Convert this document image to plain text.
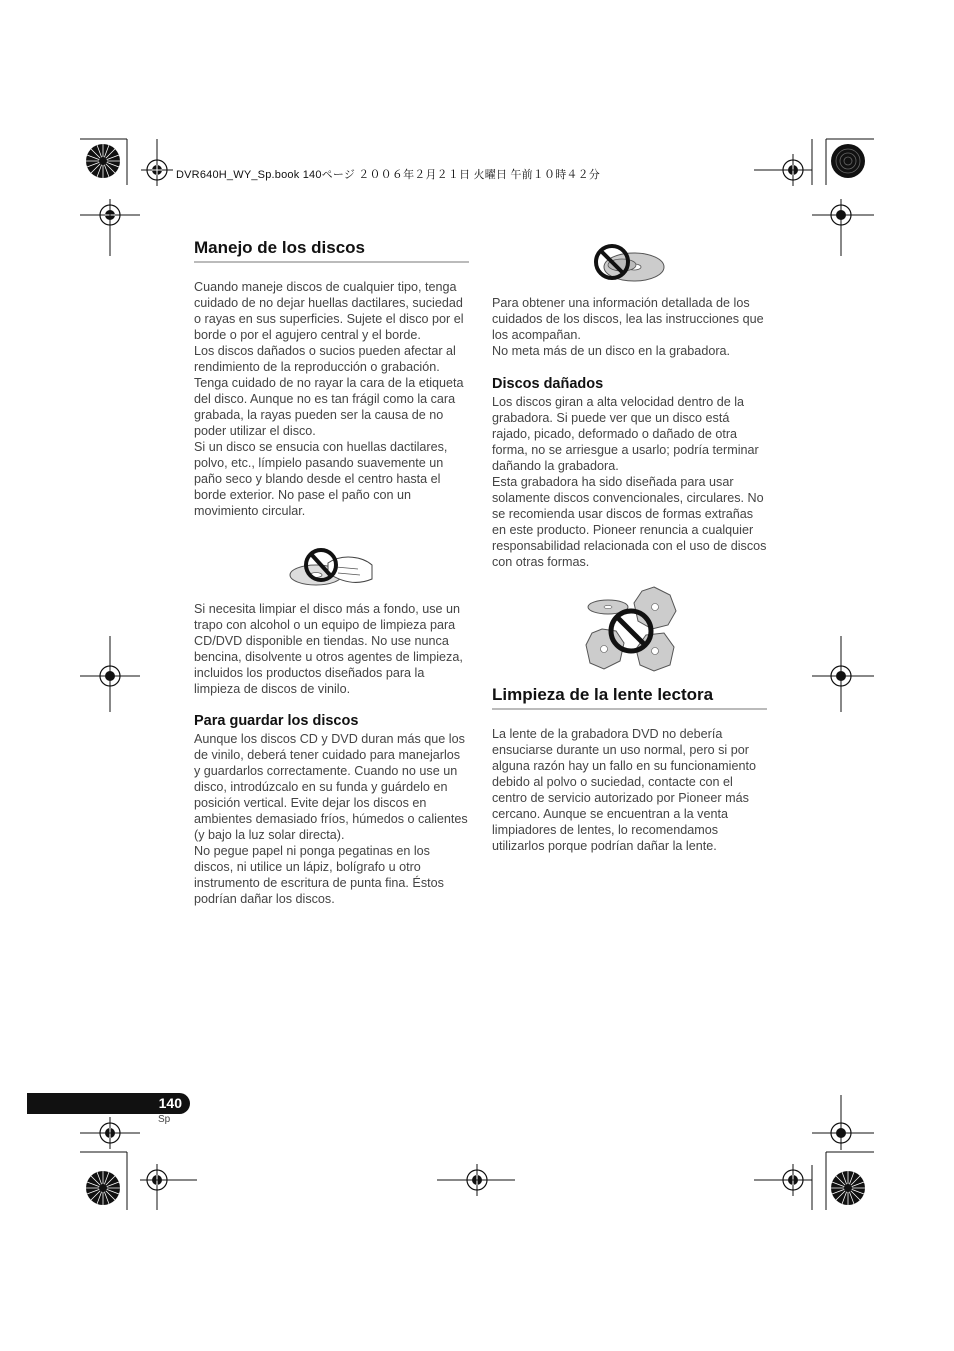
DVR640H_WY_Sp.book 140ページ ２００６年２月２１日 火曜日 午前１０時４２分
Manejo de los discos

Cuando maneje discos de cualquier tipo, tenga cuidado de no dejar huellas dactilares, suciedad o rayas en sus superficies. Sujete el disco por el borde o por el agujero central y el borde.

Los discos dañados o sucios pueden afectar al rendimiento de la reproducción o grabación. Tenga cuidado de no rayar la cara de la etiqueta del disco. Aunque no es tan frágil como la cara grabada, la rayas pueden ser la causa de no poder utilizar el disco.

Si un disco se ensucia con huellas dactilares, polvo, etc., límpielo pasando suavemente un paño seco y blando desde el centro hasta el borde exterior. No pase el paño con un movimiento circular.

Si necesita limpiar el disco más a fondo, use un trapo con alcohol o un equipo de limpieza para CD/DVD disponible en tiendas. No use nunca bencina, disolvente u otros agentes de limpieza, incluidos los productos diseñados para la limpieza de discos de vinilo.

Para guardar los discos

Aunque los discos CD y DVD duran más que los de vinilo, deberá tener cuidado para manejarlos y guardarlos correctamente. Cuando no use un disco, introdúzcalo en su funda y guárdelo en posición vertical. Evite dejar los discos en ambientes demasiado fríos, húmedos o calientes (y bajo la luz solar directa).

No pegue papel ni ponga pegatinas en los discos, ni utilice un lápiz, bolígrafo u otro instrumento de escritura de punta fina. Éstos podrían dañar los discos.

Para obtener una información detallada de los cuidados de los discos, lea las instrucciones que los acompañan.

No meta más de un disco en la grabadora.

Discos dañados

Los discos giran a alta velocidad dentro de la grabadora. Si puede ver que un disco está rajado, picado, deformado o dañado de otra forma, no se arriesgue a usarlo; podría terminar dañando la grabadora.

Esta grabadora ha sido diseñada para usar solamente discos convencionales, circulares. No se recomienda usar discos de formas extrañas en este producto. Pioneer renuncia a cualquier responsabilidad relacionada con el uso de discos con otras formas.

Limpieza de la lente lectora

La lente de la grabadora DVD no debería ensuciarse durante un uso normal, pero si por alguna razón hay un fallo en su funcionamiento debido al polvo o suciedad, contacte con el centro de servicio autorizado por Pioneer más cercano. Aunque se encuentran a la venta limpiadores de lentes, lo recomendamos utilizarlos porque podrían dañar la lente.

140
Sp
